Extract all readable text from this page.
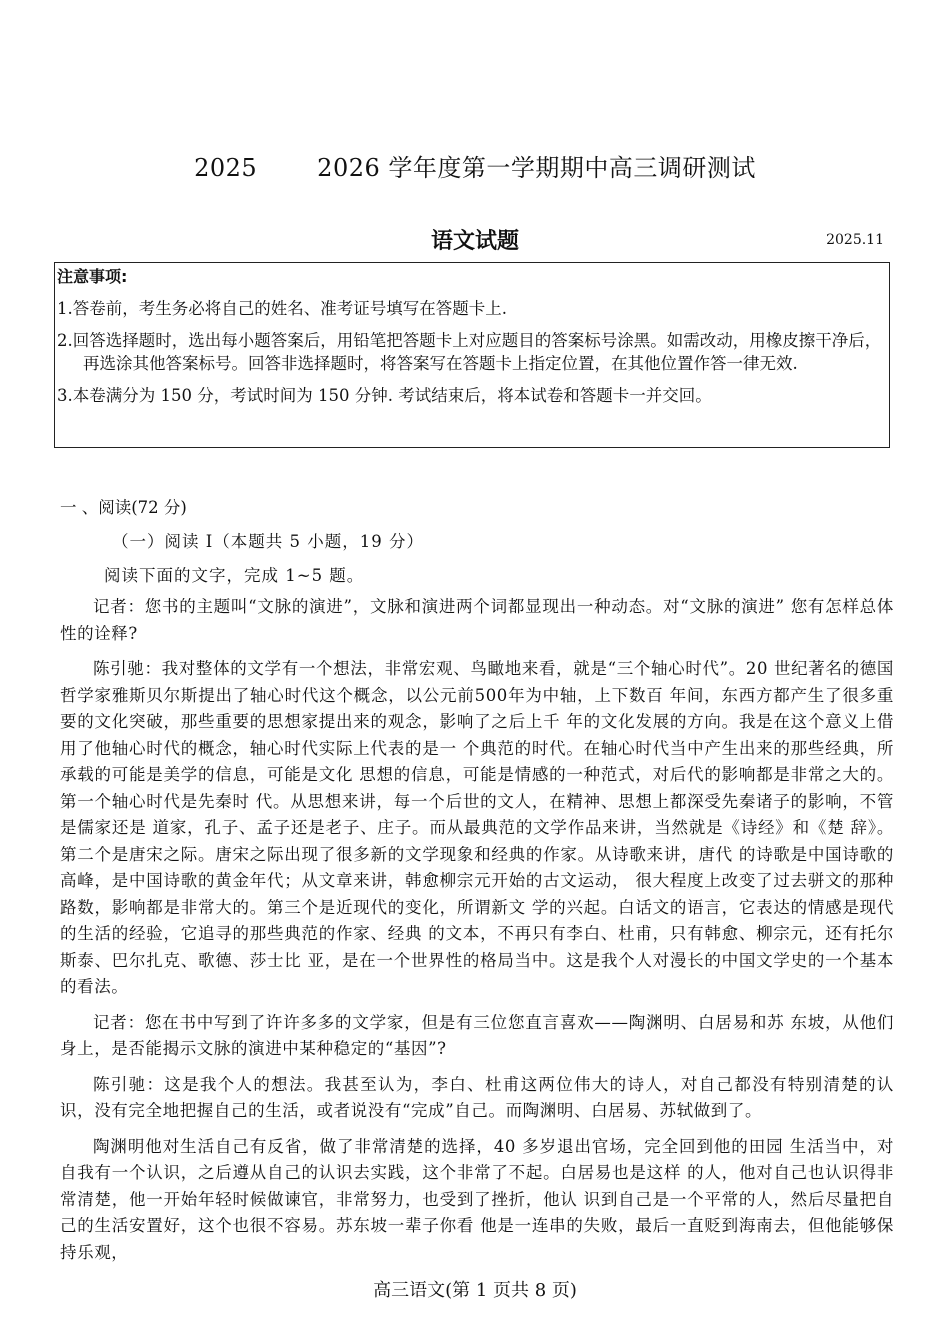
2025	2026 学年度第一学期期中高三调研测试
语文试题	2025.11
注意事项:
1.答卷前，考生务必将自己的姓名、准考证号填写在答题卡上.
2.回答选择题时，选出每小题答案后，用铅笔把答题卡上对应题目的答案标号涂黑。如需改动，用橡皮擦干净后，再选涂其他答案标号。回答非选择题时，将答案写在答题卡上指定位置，在其他位置作答一律无效.
3.本卷满分为 150 分，考试时间为 150 分钟. 考试结束后，将本试卷和答题卡一并交回。
一 、阅读(72 分)
（一）阅读 I（本题共 5 小题，19 分）
阅读下面的文字，完成 1~5 题。

记者：您书的主题叫“文脉的演进”，文脉和演进两个词都显现出一种动态。对“文脉的演进” 您有怎样总体性的诠释?

陈引驰：我对整体的文学有一个想法，非常宏观、鸟瞰地来看，就是“三个轴心时代”。20 世纪著名的德国哲学家雅斯贝尔斯提出了轴心时代这个概念，以公元前500年为中轴，上下数百 年间，东西方都产生了很多重要的文化突破，那些重要的思想家提出来的观念，影响了之后上千 年的文化发展的方向。我是在这个意义上借用了他轴心时代的概念，轴心时代实际上代表的是一 个典范的时代。在轴心时代当中产生出来的那些经典，所承载的可能是美学的信息，可能是文化 思想的信息，可能是情感的一种范式，对后代的影响都是非常之大的。第一个轴心时代是先秦时 代。从思想来讲，每一个后世的文人，在精神、思想上都深受先秦诸子的影响，不管是儒家还是 道家，孔子、孟子还是老子、庄子。而从最典范的文学作品来讲，当然就是《诗经》和《楚 辞》。第二个是唐宋之际。唐宋之际出现了很多新的文学现象和经典的作家。从诗歌来讲，唐代 的诗歌是中国诗歌的高峰，是中国诗歌的黄金年代；从文章来讲，韩愈柳宗元开始的古文运动， 很大程度上改变了过去骈文的那种路数，影响都是非常大的。第三个是近现代的变化，所谓新文 学的兴起。白话文的语言，它表达的情感是现代的生活的经验，它追寻的那些典范的作家、经典 的文本，不再只有李白、杜甫，只有韩愈、柳宗元，还有托尔斯泰、巴尔扎克、歌德、莎士比 亚，是在一个世界性的格局当中。这是我个人对漫长的中国文学史的一个基本的看法。

记者：您在书中写到了许许多多的文学家，但是有三位您直言喜欢——陶渊明、白居易和苏 东坡，从他们身上，是否能揭示文脉的演进中某种稳定的“基因”?

陈引驰：这是我个人的想法。我甚至认为，李白、杜甫这两位伟大的诗人，对自己都没有特别清楚的认识，没有完全地把握自己的生活，或者说没有“完成”自己。而陶渊明、白居易、苏轼做到了。

陶渊明他对生活自己有反省，做了非常清楚的选择，40 多岁退出官场，完全回到他的田园 生活当中，对自我有一个认识，之后遵从自己的认识去实践，这个非常了不起。白居易也是这样 的人，他对自己也认识得非常清楚，他一开始年轻时候做谏官，非常努力，也受到了挫折，他认 识到自己是一个平常的人，然后尽量把自己的生活安置好，这个也很不容易。苏东坡一辈子你看 他是一连串的失败，最后一直贬到海南去，但他能够保持乐观，

高三语文(第 1 页共 8 页)
